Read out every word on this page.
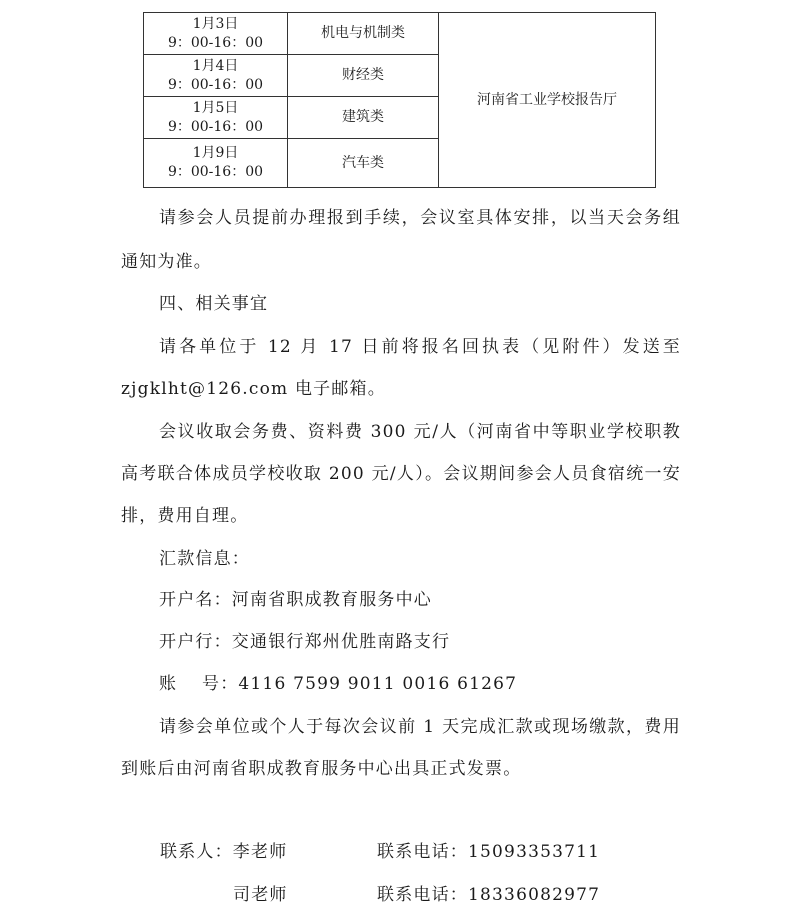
1月3日
9：00-16：00	机电与机制类	河南省工业学校报告厅

1月4日
9：00-16：00	财经类	

1月5日
9：00-16：00	建筑类	

1月9日
9：00-16：00	汽车类	

请参会人员提前办理报到手续，会议室具体安排，以当天会务组

通知为准。

四、相关事宜

请各单位于 12 月 17 日前将报名回执表（见附件）发送至

zjgklht@126.com 电子邮箱。

会议收取会务费、资料费 300 元/人（河南省中等职业学校职教

高考联合体成员学校收取 200 元/人）。会议期间参会人员食宿统一安

排，费用自理。

汇款信息：

开户名：河南省职成教育服务中心

开户行：交通银行郑州优胜南路支行

账　 号：4116 7599 9011 0016 61267

请参会单位或个人于每次会议前 1 天完成汇款或现场缴款，费用

到账后由河南省职成教育服务中心出具正式发票。

联系人：李老师	联系电话：15093353711
司老师	联系电话：18336082977
